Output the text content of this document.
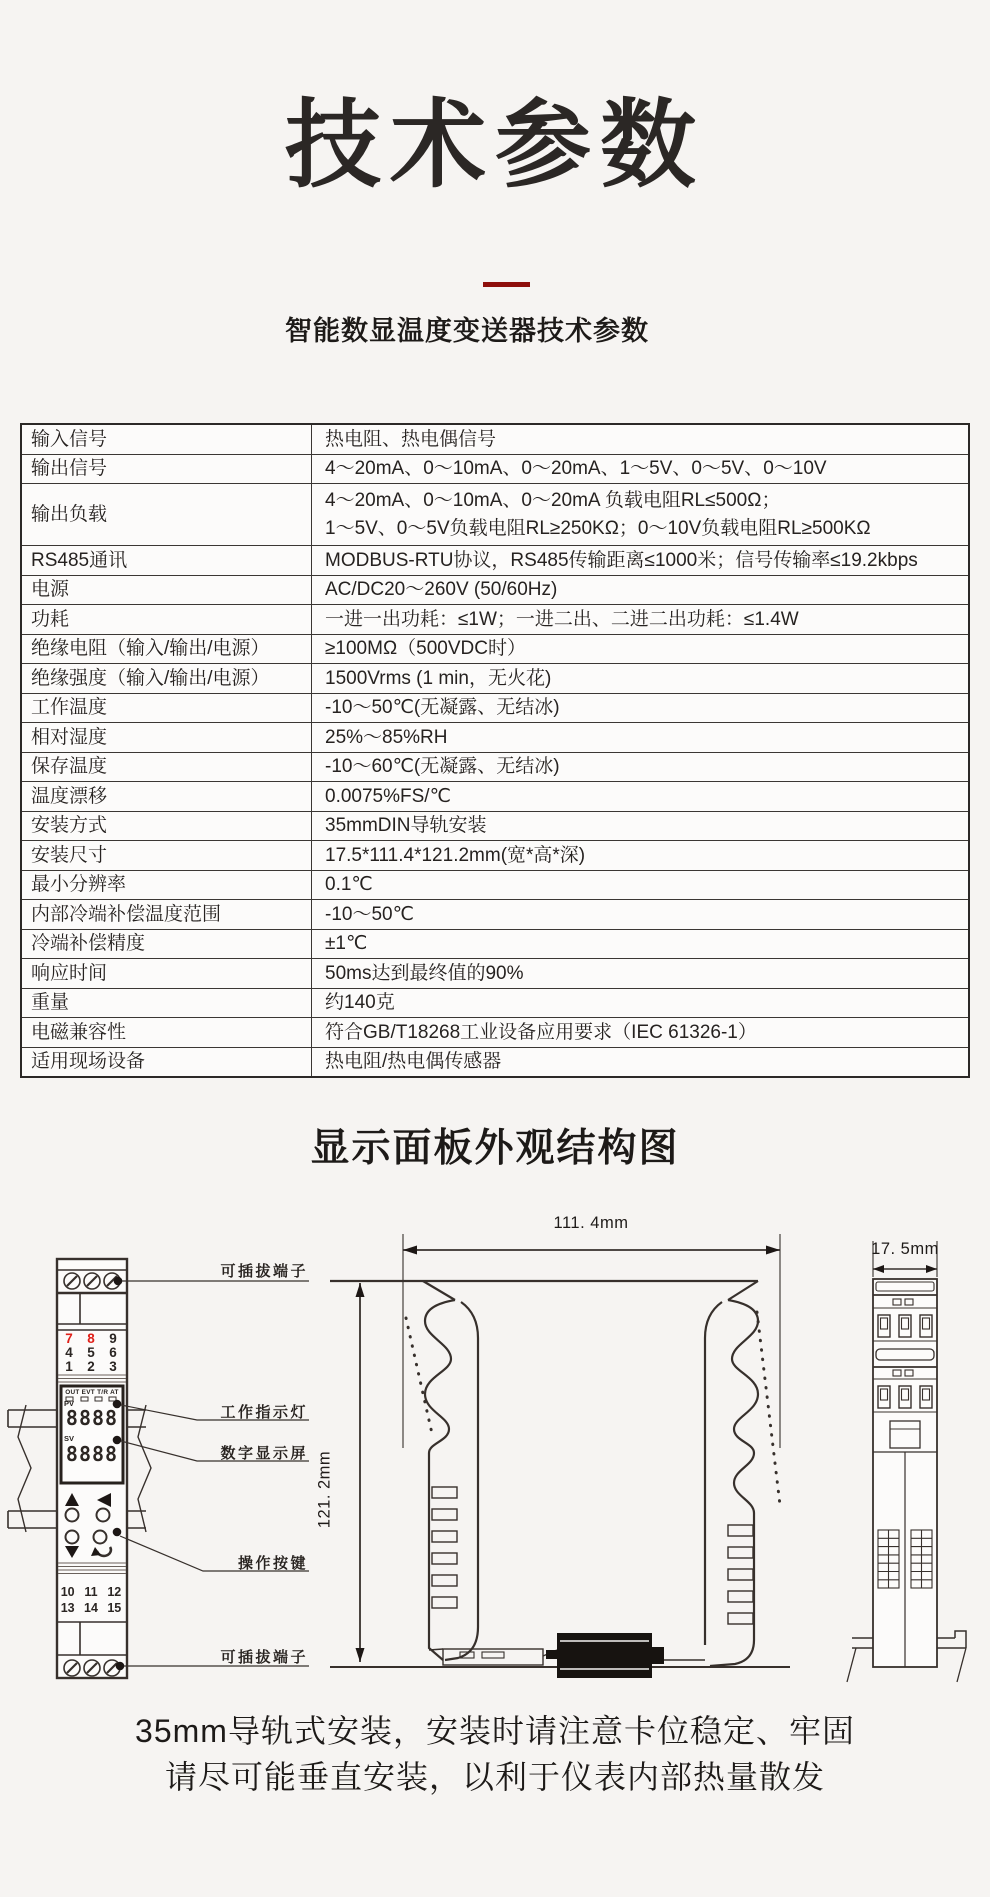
技术参数
智能数显温度变送器技术参数
输入信号	热电阻、热电偶信号
输出信号	4～20mA、0～10mA、0～20mA、1～5V、0～5V、0～10V
输出负载	4～20mA、0～10mA、0～20mA 负载电阻RL≤500Ω；
1～5V、0～5V负载电阻RL≥250KΩ；0～10V负载电阻RL≥500KΩ

RS485通讯	MODBUS-RTU协议，RS485传输距离≤1000米；信号传输率≤19.2kbps
电源	AC/DC20～260V (50/60Hz)
功耗	一进一出功耗：≤1W；一进二出、二进二出功耗：≤1.4W
绝缘电阻（输入/输出/电源）	≥100MΩ（500VDC时）
绝缘强度（输入/输出/电源）	1500Vrms (1 min，无火花)
工作温度	-10～50℃(无凝露、无结冰)
相对湿度	25%～85%RH
保存温度	-10～60℃(无凝露、无结冰)
温度漂移	0.0075%FS/℃
安装方式	35mmDIN导轨安装
安装尺寸	17.5*111.4*121.2mm(宽*高*深)
最小分辨率	0.1℃
内部冷端补偿温度范围	-10～50℃
冷端补偿精度	±1℃
响应时间	50ms达到最终值的90%
重量	约140克
电磁兼容性	符合GB/T18268工业设备应用要求（IEC 61326-1）
适用现场设备	热电阻/热电偶传感器
显示面板外观结构图
可插拔端子
工作指示灯
数字显示屏
操作按键
可插拔端子
111. 4mm
121. 2mm
17. 5mm
OUT EVT T/R AT
PV
8888
SV
8888
7	8	9
4	5	6
1	2	3
10 11 12
13 14 15
35mm导轨式安装，安装时请注意卡位稳定、牢固
请尽可能垂直安装，以利于仪表内部热量散发
